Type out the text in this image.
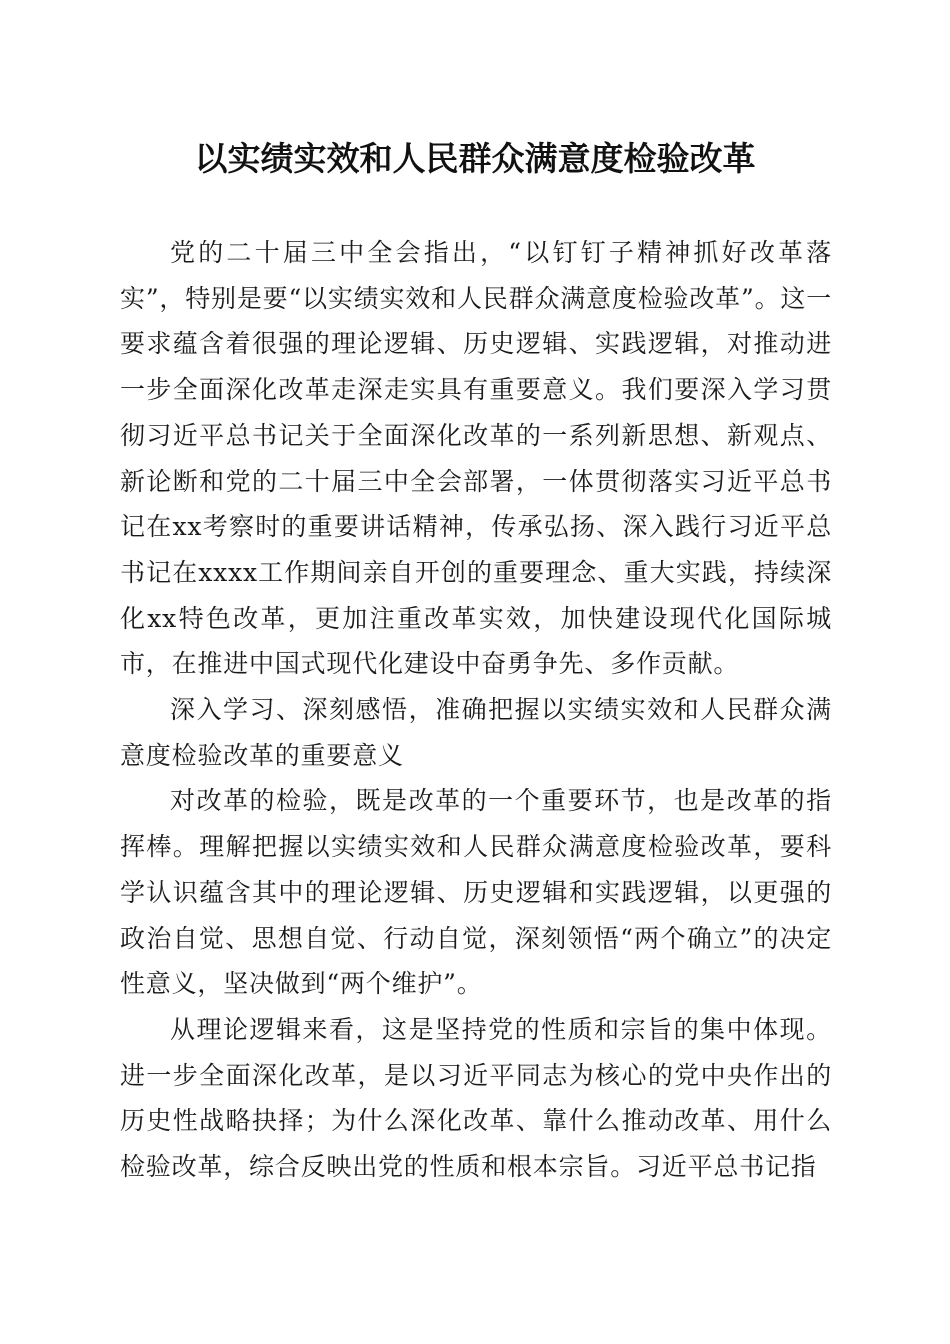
以实绩实效和人民群众满意度检验改革

党的二十届三中全会指出，“以钉钉子精神抓好改革落实”，特别是要“以实绩实效和人民群众满意度检验改革”。这一要求蕴含着很强的理论逻辑、历史逻辑、实践逻辑，对推动进一步全面深化改革走深走实具有重要意义。我们要深入学习贯彻习近平总书记关于全面深化改革的一系列新思想、新观点、新论断和党的二十届三中全会部署，一体贯彻落实习近平总书记在xx考察时的重要讲话精神，传承弘扬、深入践行习近平总书记在xxxx工作期间亲自开创的重要理念、重大实践，持续深化xx特色改革，更加注重改革实效，加快建设现代化国际城市，在推进中国式现代化建设中奋勇争先、多作贡献。

深入学习、深刻感悟，准确把握以实绩实效和人民群众满意度检验改革的重要意义

对改革的检验，既是改革的一个重要环节，也是改革的指挥棒。理解把握以实绩实效和人民群众满意度检验改革，要科学认识蕴含其中的理论逻辑、历史逻辑和实践逻辑，以更强的政治自觉、思想自觉、行动自觉，深刻领悟“两个确立”的决定性意义，坚决做到“两个维护”。

从理论逻辑来看，这是坚持党的性质和宗旨的集中体现。进一步全面深化改革，是以习近平同志为核心的党中央作出的历史性战略抉择；为什么深化改革、靠什么推动改革、用什么检验改革，综合反映出党的性质和根本宗旨。习近平总书记指
